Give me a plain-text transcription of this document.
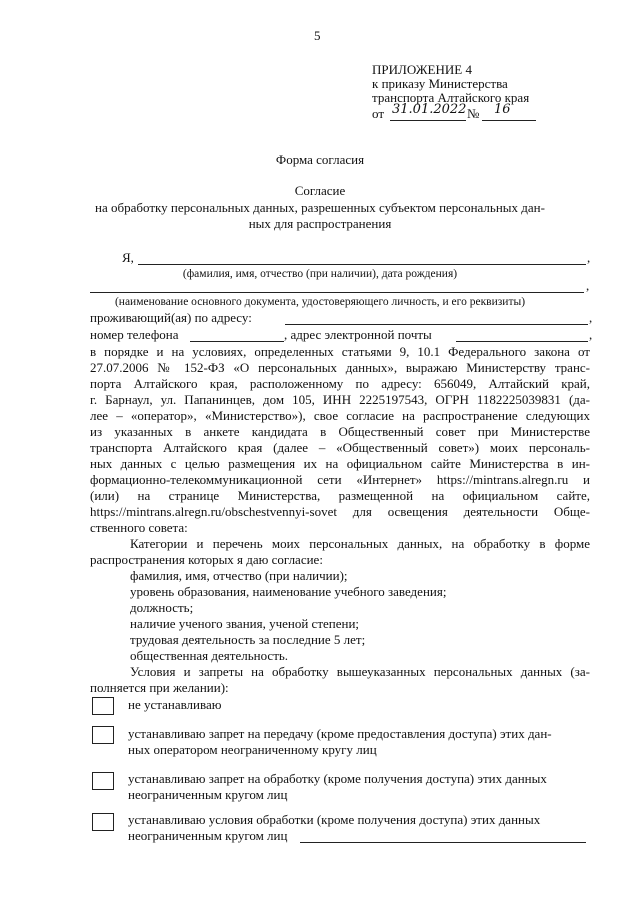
5
ПРИЛОЖЕНИЕ 4
к приказу Министерства
транспорта Алтайского края
от 31.01.2022 № 16
Форма согласия
Согласие
на обработку персональных данных, разрешенных субъектом персональных дан-
ных для распространения
Я,	,
(фамилия, имя, отчество (при наличии), дата рождения)
,
(наименование основного документа, удостоверяющего личность, и его реквизиты)
проживающий(ая) по адресу:	,
номер телефона	, адрес электронной почты	,
в порядке и на условиях, определенных статьями 9, 10.1 Федерального закона от
27.07.2006 № 152-ФЗ «О персональных данных», выражаю Министерству транс-
порта Алтайского края, расположенному по адресу: 656049, Алтайский край,
г. Барнаул, ул. Папанинцев, дом 105, ИНН 2225197543, ОГРН 1182225039831 (да-
лее – «оператор», «Министерство»), свое согласие на распространение следующих
из указанных в анкете кандидата в Общественный совет при Министерстве
транспорта Алтайского края (далее – «Общественный совет») моих персональ-
ных данных с целью размещения их на официальном сайте Министерства в ин-
формационно-телекоммуникационной сети «Интернет» https://mintrans.alregn.ru и
(или) на странице Министерства, размещенной на официальном сайте,
https://mintrans.alregn.ru/obschestvennyi-sovet для освещения деятельности Обще-
ственного совета:
Категории и перечень моих персональных данных, на обработку в форме
распространения которых я даю согласие:
фамилия, имя, отчество (при наличии);
уровень образования, наименование учебного заведения;
должность;
наличие ученого звания, ученой степени;
трудовая деятельность за последние 5 лет;
общественная деятельность.
Условия и запреты на обработку вышеуказанных персональных данных (за-
полняется при желании):
не устанавливаю
устанавливаю запрет на передачу (кроме предоставления доступа) этих дан-
ных оператором неограниченному кругу лиц
устанавливаю запрет на обработку (кроме получения доступа) этих данных
неограниченным кругом лиц
устанавливаю условия обработки (кроме получения доступа) этих данных
неограниченным кругом лиц
